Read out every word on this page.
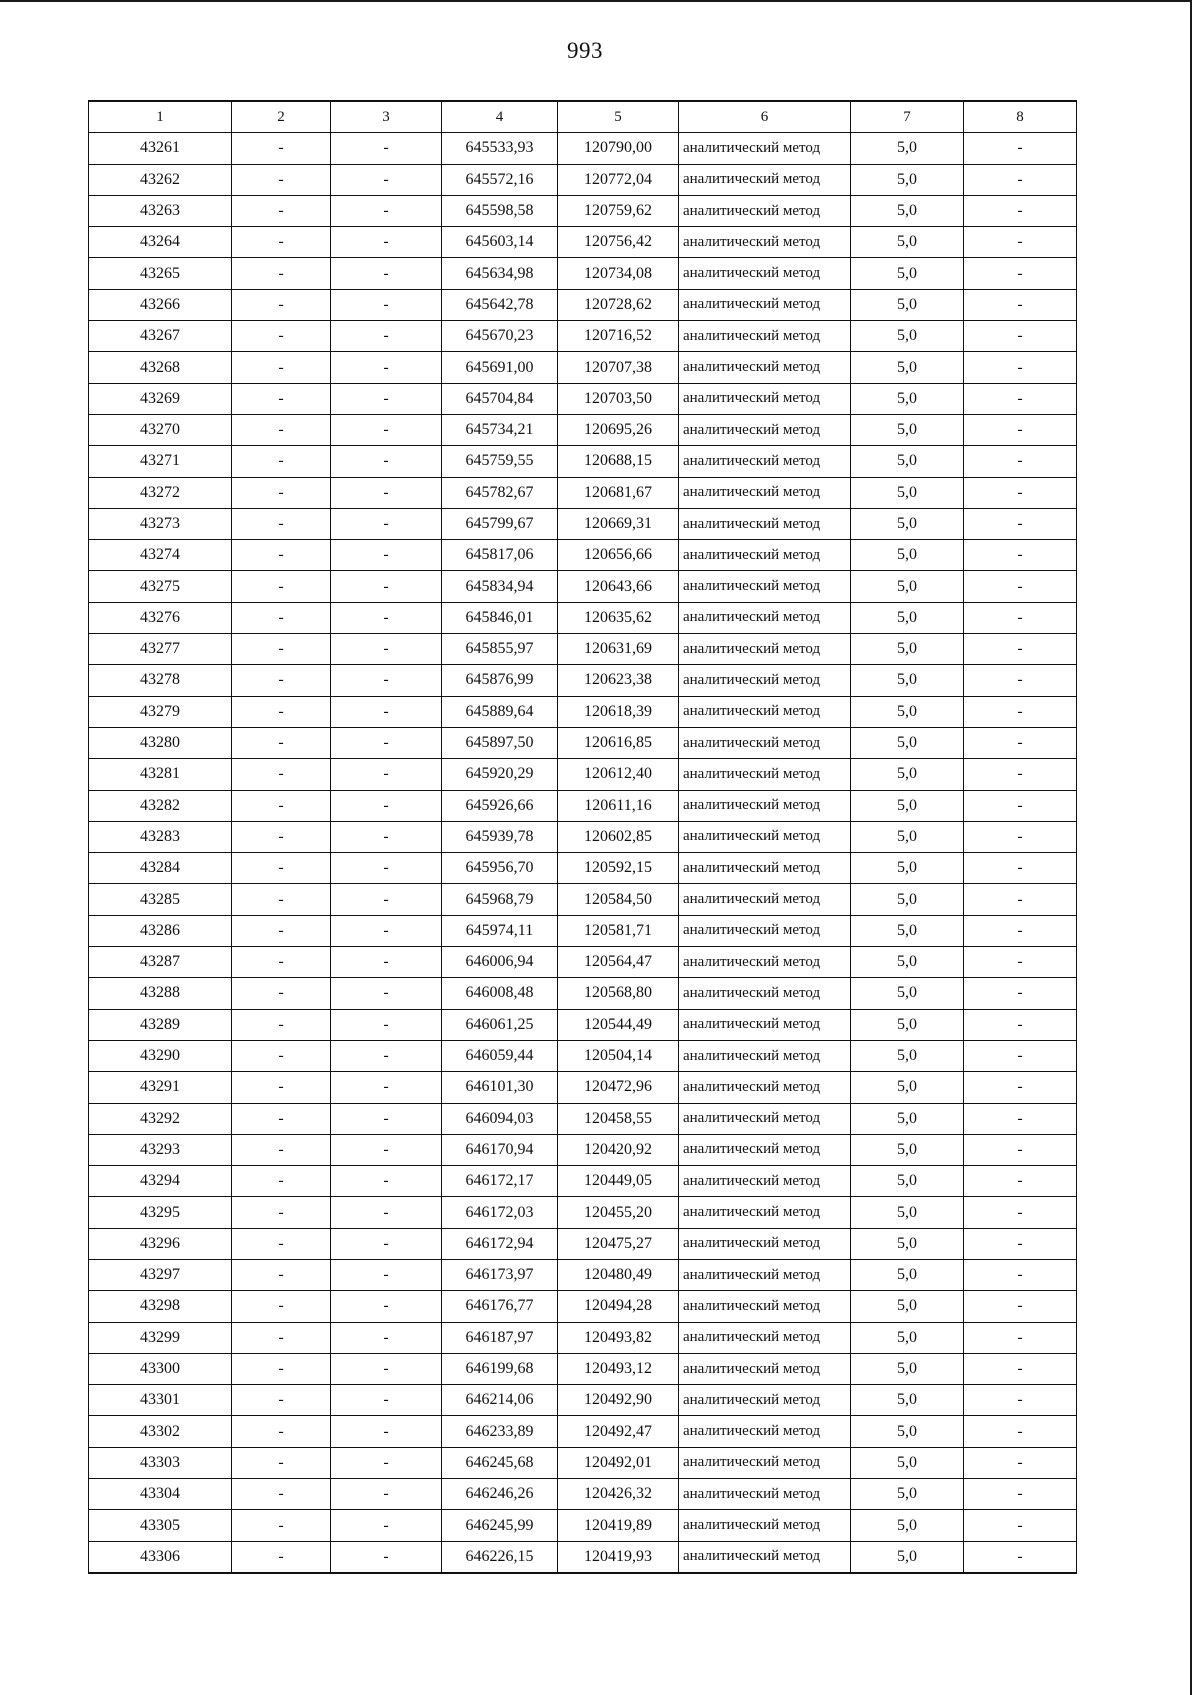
993
1	2	3	4	5	6	7	8
43261	-	-	645533,93	120790,00	аналитический метод	5,0	-
43262	-	-	645572,16	120772,04	аналитический метод	5,0	-
43263	-	-	645598,58	120759,62	аналитический метод	5,0	-
43264	-	-	645603,14	120756,42	аналитический метод	5,0	-
43265	-	-	645634,98	120734,08	аналитический метод	5,0	-
43266	-	-	645642,78	120728,62	аналитический метод	5,0	-
43267	-	-	645670,23	120716,52	аналитический метод	5,0	-
43268	-	-	645691,00	120707,38	аналитический метод	5,0	-
43269	-	-	645704,84	120703,50	аналитический метод	5,0	-
43270	-	-	645734,21	120695,26	аналитический метод	5,0	-
43271	-	-	645759,55	120688,15	аналитический метод	5,0	-
43272	-	-	645782,67	120681,67	аналитический метод	5,0	-
43273	-	-	645799,67	120669,31	аналитический метод	5,0	-
43274	-	-	645817,06	120656,66	аналитический метод	5,0	-
43275	-	-	645834,94	120643,66	аналитический метод	5,0	-
43276	-	-	645846,01	120635,62	аналитический метод	5,0	-
43277	-	-	645855,97	120631,69	аналитический метод	5,0	-
43278	-	-	645876,99	120623,38	аналитический метод	5,0	-
43279	-	-	645889,64	120618,39	аналитический метод	5,0	-
43280	-	-	645897,50	120616,85	аналитический метод	5,0	-
43281	-	-	645920,29	120612,40	аналитический метод	5,0	-
43282	-	-	645926,66	120611,16	аналитический метод	5,0	-
43283	-	-	645939,78	120602,85	аналитический метод	5,0	-
43284	-	-	645956,70	120592,15	аналитический метод	5,0	-
43285	-	-	645968,79	120584,50	аналитический метод	5,0	-
43286	-	-	645974,11	120581,71	аналитический метод	5,0	-
43287	-	-	646006,94	120564,47	аналитический метод	5,0	-
43288	-	-	646008,48	120568,80	аналитический метод	5,0	-
43289	-	-	646061,25	120544,49	аналитический метод	5,0	-
43290	-	-	646059,44	120504,14	аналитический метод	5,0	-
43291	-	-	646101,30	120472,96	аналитический метод	5,0	-
43292	-	-	646094,03	120458,55	аналитический метод	5,0	-
43293	-	-	646170,94	120420,92	аналитический метод	5,0	-
43294	-	-	646172,17	120449,05	аналитический метод	5,0	-
43295	-	-	646172,03	120455,20	аналитический метод	5,0	-
43296	-	-	646172,94	120475,27	аналитический метод	5,0	-
43297	-	-	646173,97	120480,49	аналитический метод	5,0	-
43298	-	-	646176,77	120494,28	аналитический метод	5,0	-
43299	-	-	646187,97	120493,82	аналитический метод	5,0	-
43300	-	-	646199,68	120493,12	аналитический метод	5,0	-
43301	-	-	646214,06	120492,90	аналитический метод	5,0	-
43302	-	-	646233,89	120492,47	аналитический метод	5,0	-
43303	-	-	646245,68	120492,01	аналитический метод	5,0	-
43304	-	-	646246,26	120426,32	аналитический метод	5,0	-
43305	-	-	646245,99	120419,89	аналитический метод	5,0	-
43306	-	-	646226,15	120419,93	аналитический метод	5,0	-
